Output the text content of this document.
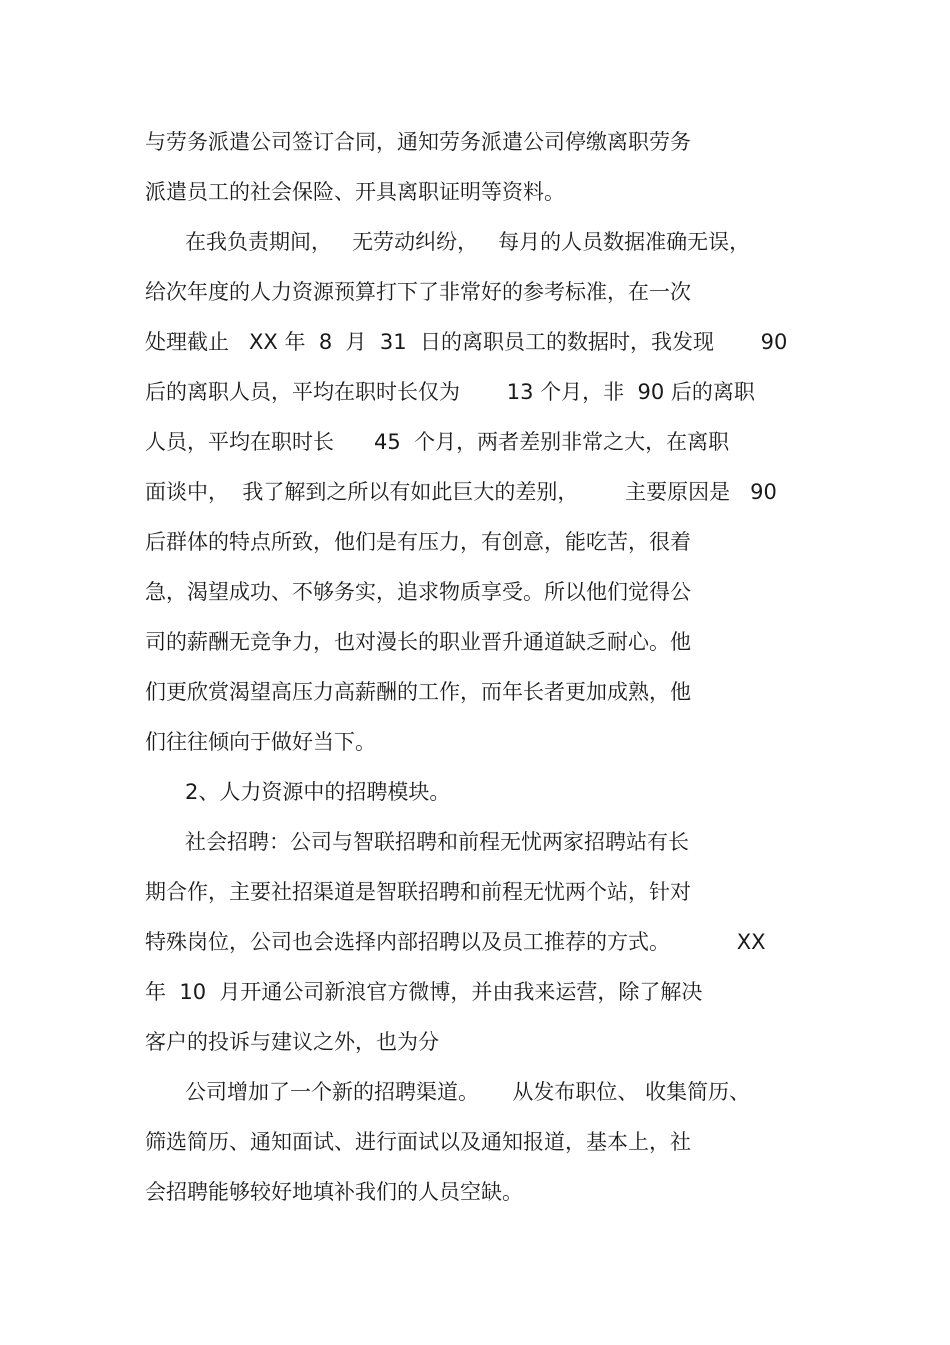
与劳务派遣公司签订合同，通知劳务派遣公司停缴离职劳务
派遣员工的社会保险、开具离职证明等资料。
在我负责期间，   无劳动纠纷，   每月的人员数据准确无误，
给次年度的人力资源预算打下了非常好的参考标准，在一次
处理截止   XX 年  8  月  31  日的离职员工的数据时，我发现       90
后的离职人员，平均在职时长仅为       13 个月，非  90 后的离职
人员，平均在职时长      45  个月，两者差别非常之大，在离职
面谈中，  我了解到之所以有如此巨大的差别，       主要原因是   90
后群体的特点所致，他们是有压力，有创意，能吃苦，很着
急，渴望成功、不够务实，追求物质享受。所以他们觉得公
司的薪酬无竞争力，也对漫长的职业晋升通道缺乏耐心。他
们更欣赏渴望高压力高薪酬的工作，而年长者更加成熟，他
们往往倾向于做好当下。
2、人力资源中的招聘模块。
社会招聘：公司与智联招聘和前程无忧两家招聘站有长
期合作，主要社招渠道是智联招聘和前程无忧两个站，针对
特殊岗位，公司也会选择内部招聘以及员工推荐的方式。          XX
年  10  月开通公司新浪官方微博，并由我来运营，除了解决
客户的投诉与建议之外，也为分
公司增加了一个新的招聘渠道。     从发布职位、 收集简历、
筛选简历、通知面试、进行面试以及通知报道，基本上，社
会招聘能够较好地填补我们的人员空缺。
